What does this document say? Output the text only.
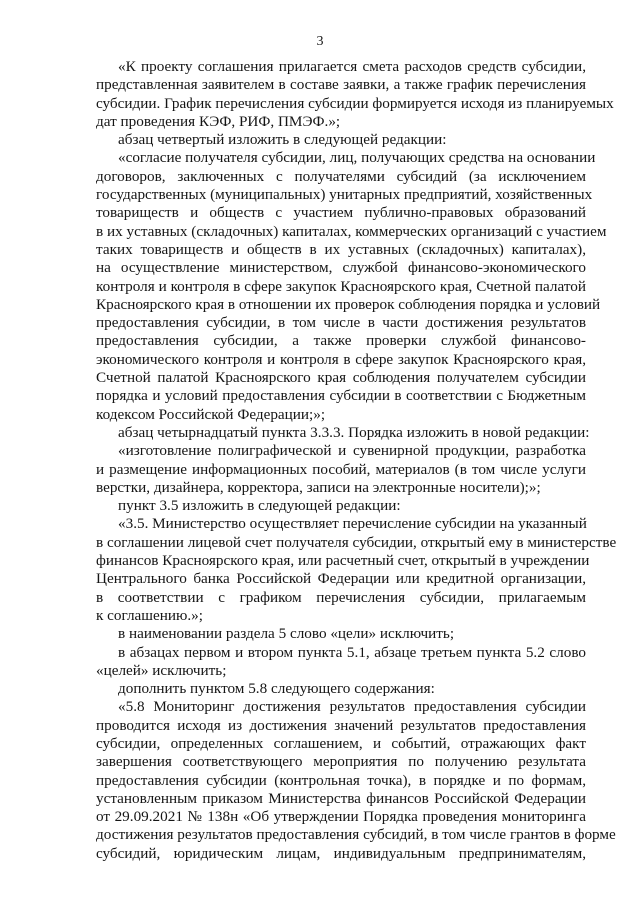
3
«К проекту соглашения прилагается смета расходов средств субсидии,
представленная заявителем в составе заявки, а также график перечисления
субсидии. График перечисления субсидии формируется исходя из планируемых
дат проведения КЭФ, РИФ, ПМЭФ.»;
абзац четвертый изложить в следующей редакции:
«согласие получателя субсидии, лиц, получающих средства на основании
договоров, заключенных с получателями субсидий (за исключением
государственных (муниципальных) унитарных предприятий, хозяйственных
товариществ и обществ с участием публично-правовых образований
в их уставных (складочных) капиталах, коммерческих организаций с участием
таких товариществ и обществ в их уставных (складочных) капиталах),
на осуществление министерством, службой финансово-экономического
контроля и контроля в сфере закупок Красноярского края, Счетной палатой
Красноярского края в отношении их проверок соблюдения порядка и условий
предоставления субсидии, в том числе в части достижения результатов
предоставления субсидии, а также проверки службой финансово-
экономического контроля и контроля в сфере закупок Красноярского края,
Счетной палатой Красноярского края соблюдения получателем субсидии
порядка и условий предоставления субсидии в соответствии с Бюджетным
кодексом Российской Федерации;»;
абзац четырнадцатый пункта 3.3.3. Порядка изложить в новой редакции:
«изготовление полиграфической и сувенирной продукции, разработка
и размещение информационных пособий, материалов (в том числе услуги
верстки, дизайнера, корректора, записи на электронные носители);»;
пункт 3.5 изложить в следующей редакции:
«3.5. Министерство осуществляет перечисление субсидии на указанный
в соглашении лицевой счет получателя субсидии, открытый ему в министерстве
финансов Красноярского края, или расчетный счет, открытый в учреждении
Центрального банка Российской Федерации или кредитной организации,
в соответствии с графиком перечисления субсидии, прилагаемым
к соглашению.»;
в наименовании раздела 5 слово «цели» исключить;
в абзацах первом и втором пункта 5.1, абзаце третьем пункта 5.2 слово
«целей» исключить;
дополнить пунктом 5.8 следующего содержания:
«5.8 Мониторинг достижения результатов предоставления субсидии
проводится исходя из достижения значений результатов предоставления
субсидии, определенных соглашением, и событий, отражающих факт
завершения соответствующего мероприятия по получению результата
предоставления субсидии (контрольная точка), в порядке и по формам,
установленным приказом Министерства финансов Российской Федерации
от 29.09.2021 № 138н «Об утверждении Порядка проведения мониторинга
достижения результатов предоставления субсидий, в том числе грантов в форме
субсидий, юридическим лицам, индивидуальным предпринимателям,
